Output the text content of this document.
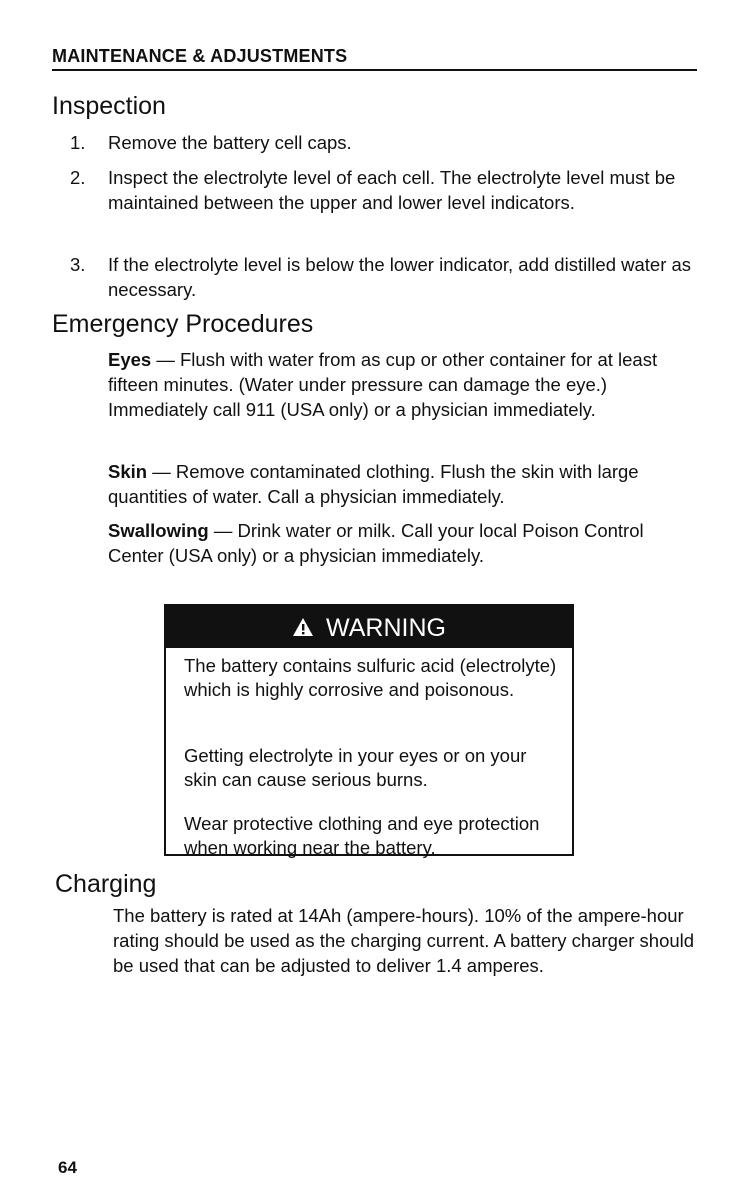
MAINTENANCE & ADJUSTMENTS
Inspection
1.	Remove the battery cell caps.
2.	Inspect the electrolyte level of each cell. The electrolyte level must be maintained between the upper and lower level indicators.
3.	If the electrolyte level is below the lower indicator, add distilled water as necessary.
Emergency Procedures
Eyes — Flush with water from as cup or other container for at least fifteen minutes. (Water under pressure can damage the eye.) Immediately call 911 (USA only) or a physician immediately.
Skin — Remove contaminated clothing. Flush the skin with large quantities of water. Call a physician immediately.
Swallowing — Drink water or milk. Call your local Poison Control Center (USA only) or a physician immediately.
WARNING
The battery contains sulfuric acid (electrolyte) which is highly corrosive and poisonous.
Getting electrolyte in your eyes or on your skin can cause serious burns.
Wear protective clothing and eye protection when working near the battery.
Charging
The battery is rated at 14Ah (ampere-hours). 10% of the ampere-hour rating should be used as the charging current. A battery charger should be used that can be adjusted to deliver 1.4 amperes.
64
